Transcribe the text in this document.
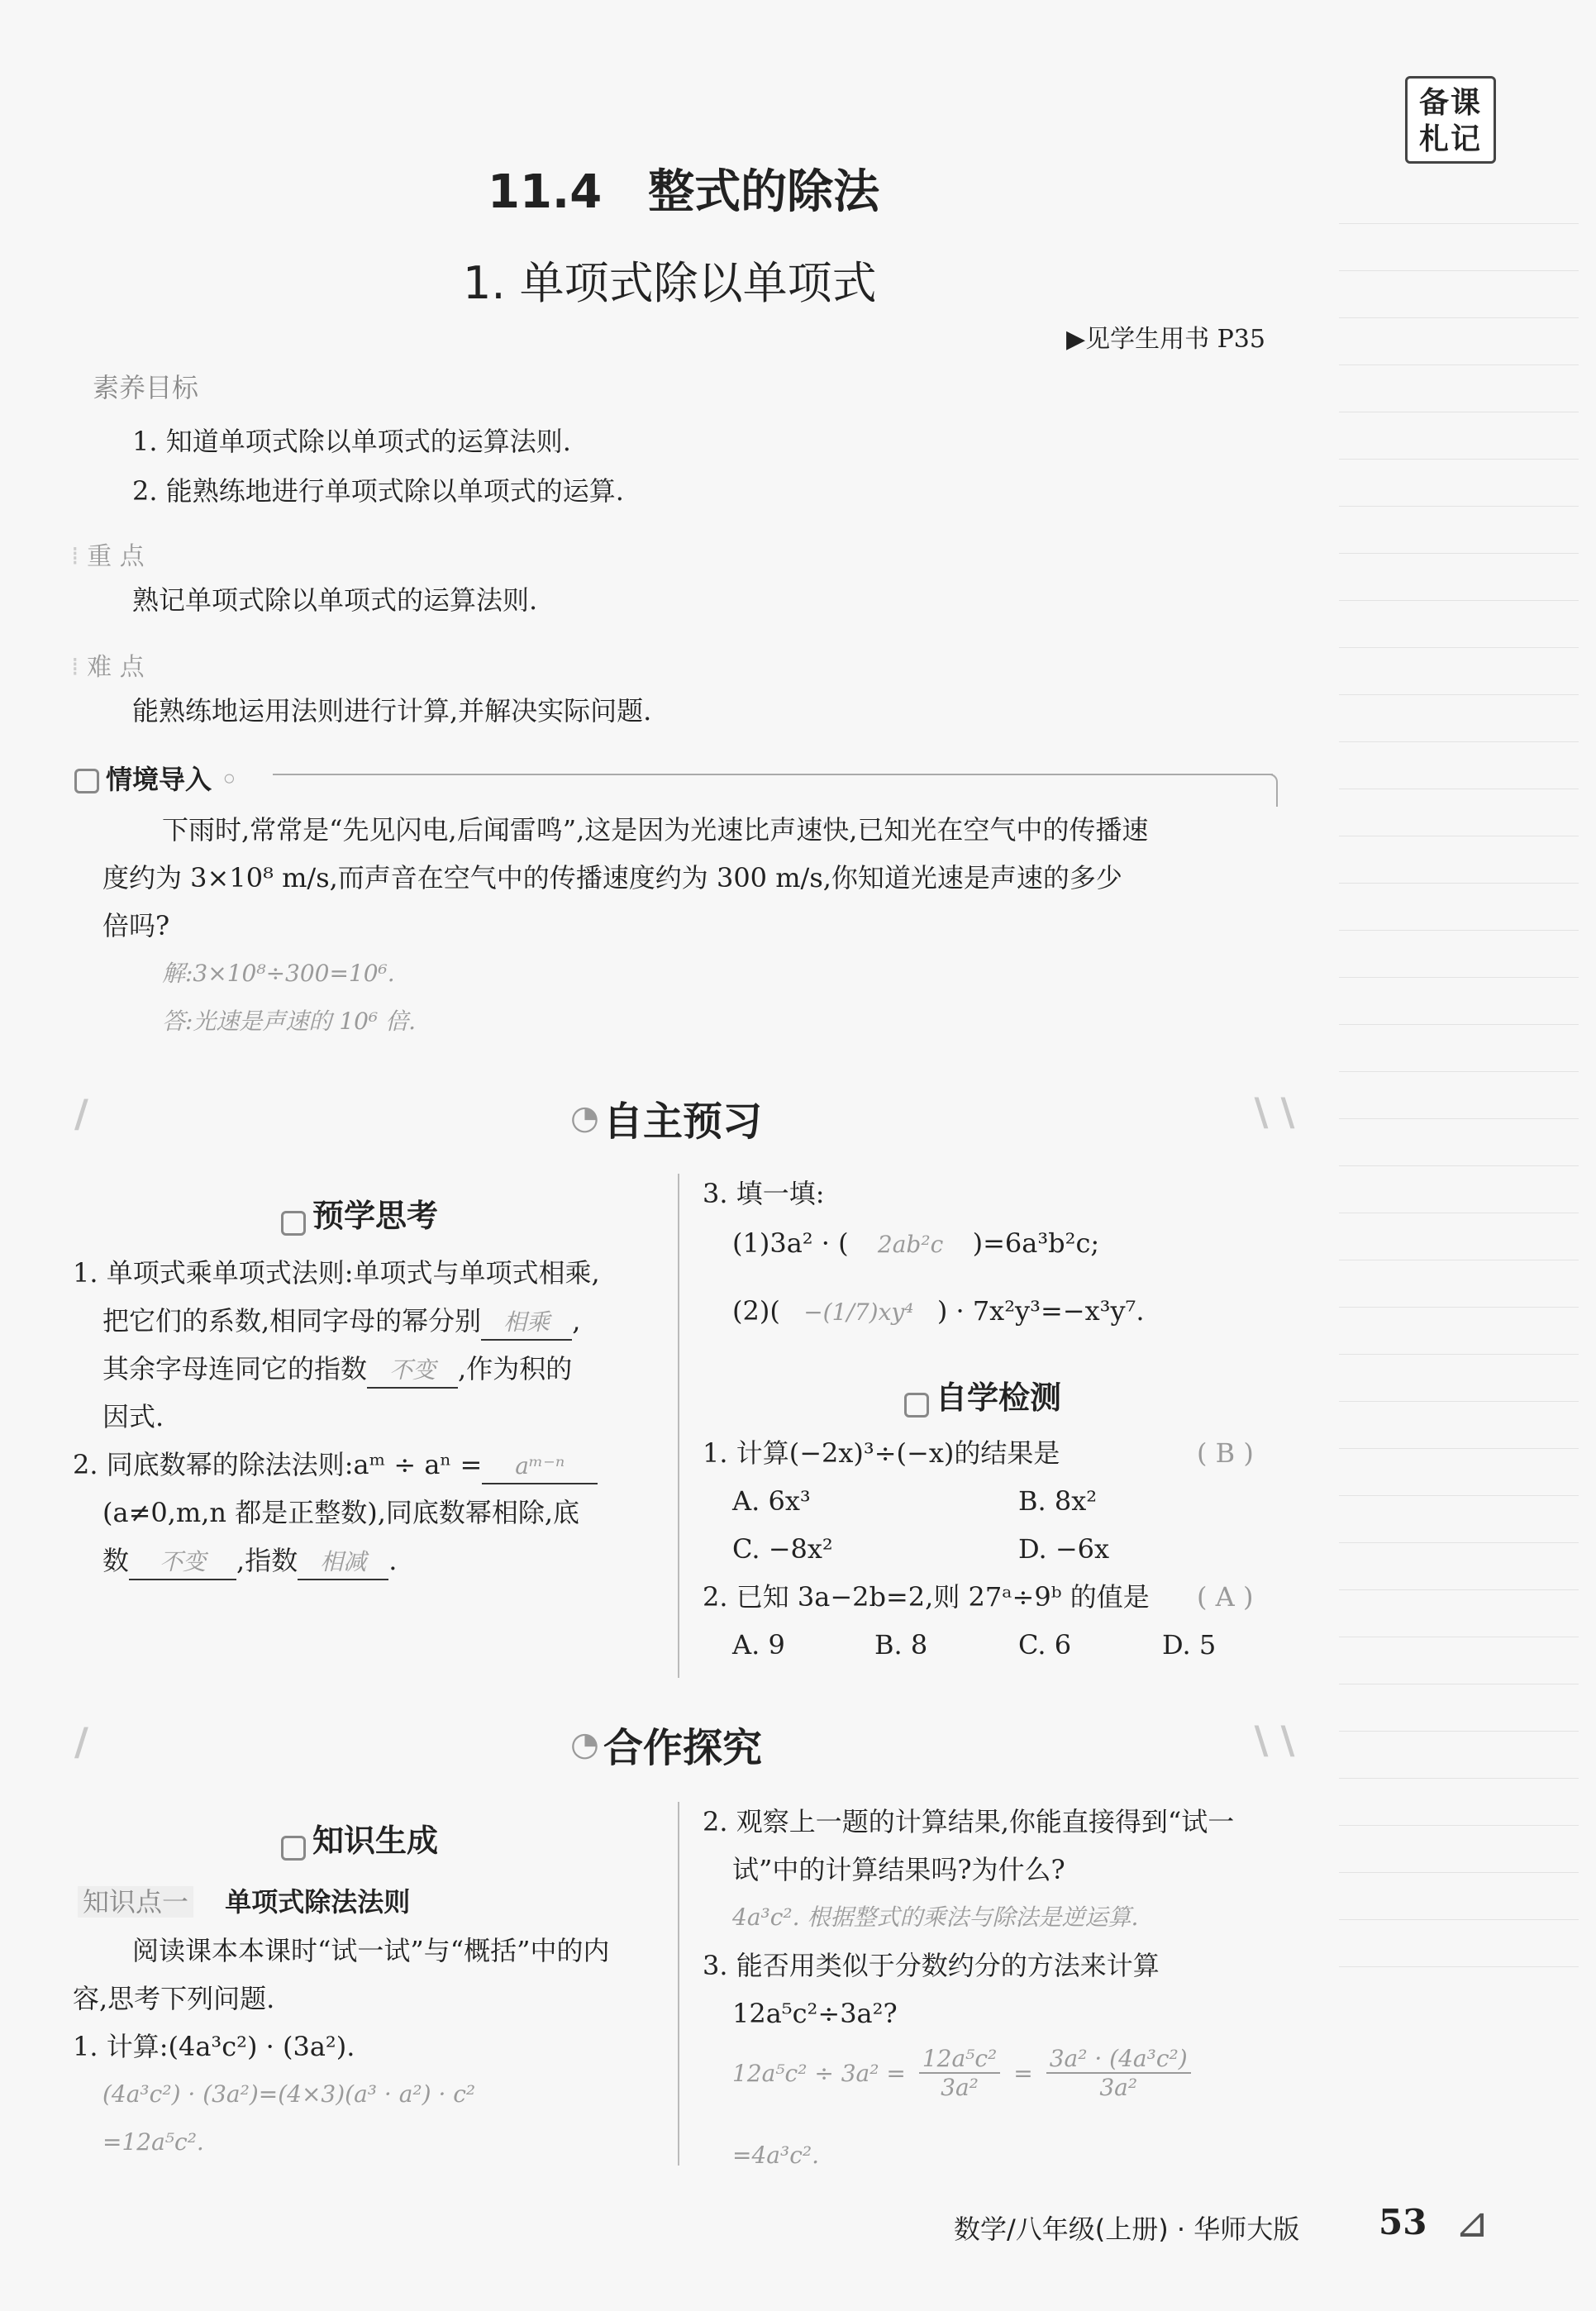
备课札记
11.4　整式的除法
1. 单项式除以单项式
▶见学生用书 P35
素养目标
1. 知道单项式除以单项式的运算法则.
2. 能熟练地进行单项式除以单项式的运算.
⁞ 重 点
熟记单项式除以单项式的运算法则.
⁞ 难 点
能熟练地运用法则进行计算,并解决实际问题.
情境导入 ◦
下雨时,常常是“先见闪电,后闻雷鸣”,这是因为光速比声速快,已知光在空气中的传播速
度约为 3×10⁸ m/s,而声音在空气中的传播速度约为 300 m/s,你知道光速是声速的多少
倍吗?
解:3×10⁸÷300=10⁶.
答:光速是声速的 10⁶ 倍.
∕	∖∖
◔ 自主预习
预学思考
1. 单项式乘单项式法则:单项式与单项式相乘,
把它们的系数,相同字母的幂分别 相乘 ,
其余字母连同它的指数 不变 ,作为积的
因式.
2. 同底数幂的除法法则:aᵐ ÷ aⁿ = aᵐ⁻ⁿ
(a≠0,m,n 都是正整数),同底数幂相除,底
数 不变 ,指数 相减 .
3. 填一填:
(1)3a² · ( 2ab²c )=6a³b²c;
(2)( −(1/7)xy⁴ ) · 7x²y³=−x³y⁷.
自学检测
1. 计算(−2x)³÷(−x)的结果是	( B )
A. 6x³	B. 8x²
C. −8x²	D. −6x
2. 已知 3a−2b=2,则 27ᵃ÷9ᵇ 的值是 ( A )
A. 9	B. 8	C. 6	D. 5
∕	∖∖
◔ 合作探究
知识生成
知识点一 单项式除法法则
阅读课本本课时“试一试”与“概括”中的内
容,思考下列问题.
1. 计算:(4a³c²) · (3a²).
(4a³c²) · (3a²)=(4×3)(a³ · a²) · c²
=12a⁵c².
2. 观察上一题的计算结果,你能直接得到“试一
试”中的计算结果吗?为什么?
4a³c². 根据整式的乘法与除法是逆运算.
3. 能否用类似于分数约分的方法来计算
12a⁵c²÷3a²?
$12a^5c^2 \div 3a^2 = \frac{\text{12a⁵c²}}{\text{3a²}} = \frac{\text{3a² · (4a³c²)}}{\text{3a²}}$
=4a³c².
数学/八年级(上册) · 华师大版 53 ⊿
